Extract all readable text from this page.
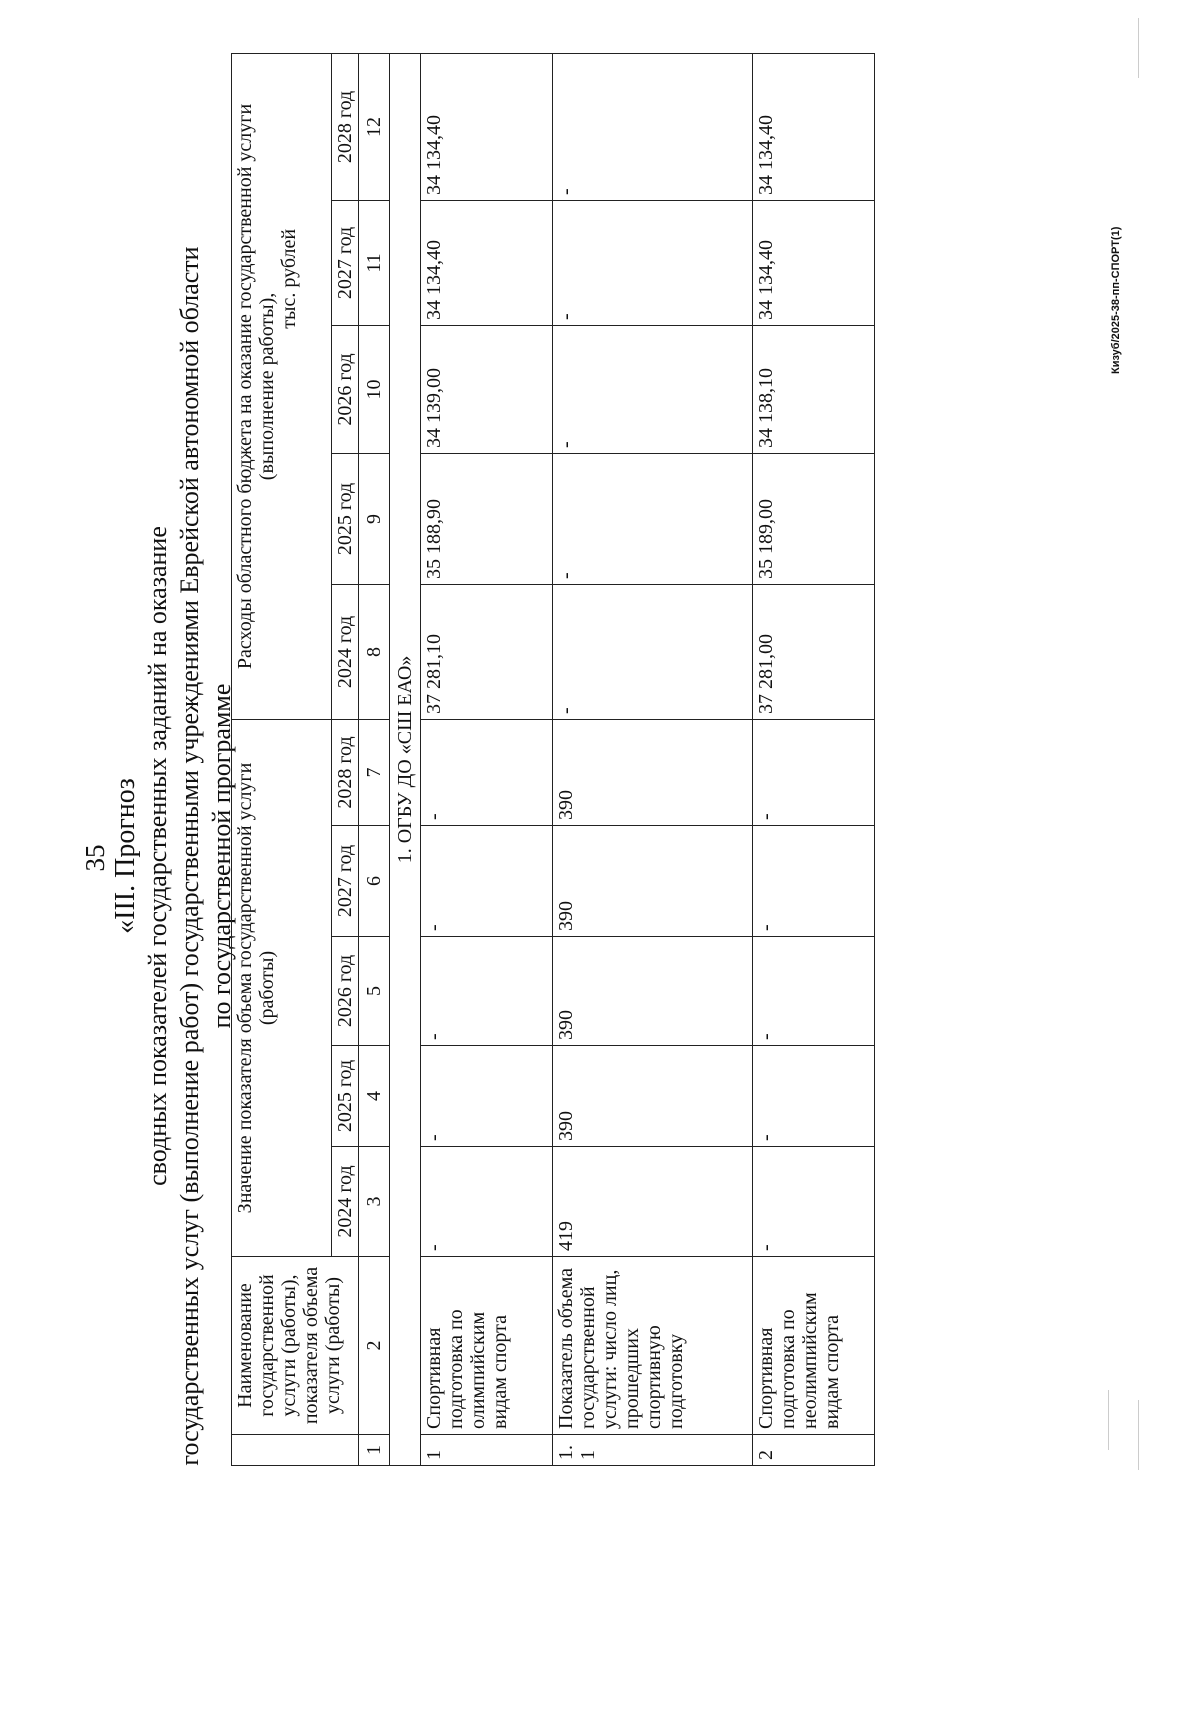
35 «III. Прогноз сводных показателей государственных заданий на оказание государственных услуг (выполнение работ) государственными учреждениями Еврейской автономной области по государственной программе
	Наименование государственной услуги (работы), показателя объема услуги (работы)	Значение показателя объема государственной услуги (работы)					Расходы областного бюджета на оказание государственной услуги (выполнение работы),
тыс. рублей				

		2024 год	2025 год	2026 год	2027 год	2028 год	2024 год	2025 год	2026 год	2027 год	2028 год
1	2	3	4	5	6	7	8	9	10	11	12
1. ОГБУ ДО «СШ ЕАО»											
1	Спортивная подготовка по олимпийским видам спорта	-	-	-	-	-	37 281,10	35 188,90	34 139,00	34 134,40	34 134,40
1.1	Показатель объема государственной услуги: число лиц, прошедших спортивную подготовку	419	390	390	390	390	-	-	-	-	-
2	Спортивная подготовка по неолимпийским видам спорта	-	-	-	-	-	37 281,00	35 189,00	34 138,10	34 134,40	34 134,40
Кизуб/2025-38-пп-СПОРТ(1)
